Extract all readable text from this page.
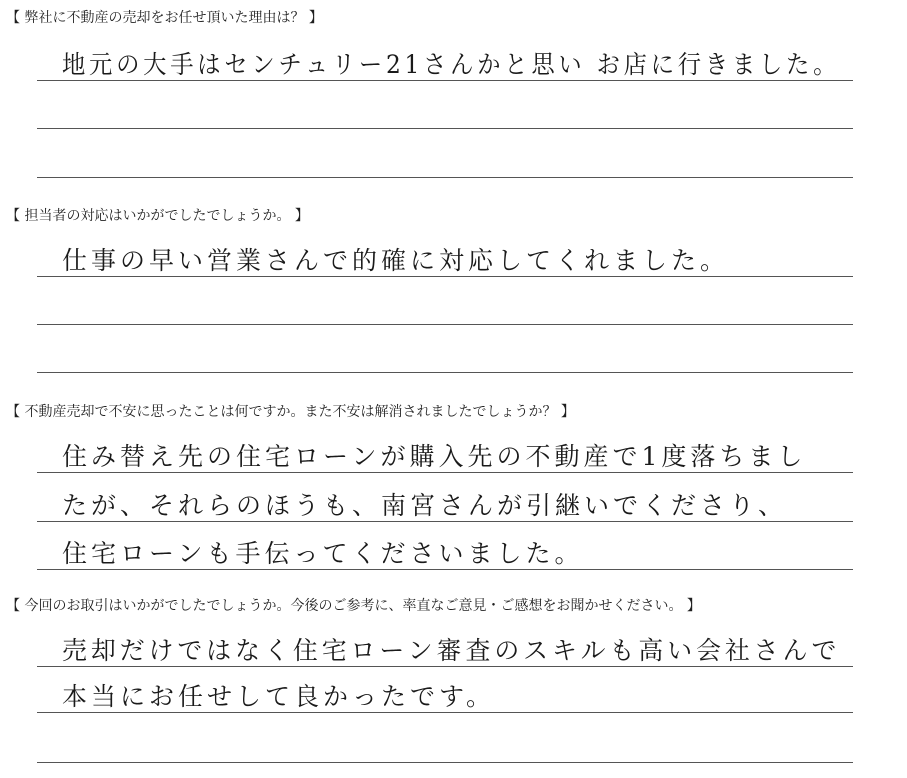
【 弊社に不動産の売却をお任せ頂いた理由は？ 】
地元の大手はセンチュリー21さんかと思い お店に行きました。
【 担当者の対応はいかがでしたでしょうか。 】
仕事の早い営業さんで的確に対応してくれました。
【 不動産売却で不安に思ったことは何ですか。また不安は解消されましたでしょうか？ 】
住み替え先の住宅ローンが購入先の不動産で1度落ちまし
たが、それらのほうも、南宮さんが引継いでくださり、
住宅ローンも手伝ってくださいました。
【 今回のお取引はいかがでしたでしょうか。今後のご参考に、率直なご意見・ご感想をお聞かせください。 】
売却だけではなく住宅ローン審査のスキルも高い会社さんで
本当にお任せして良かったです。
